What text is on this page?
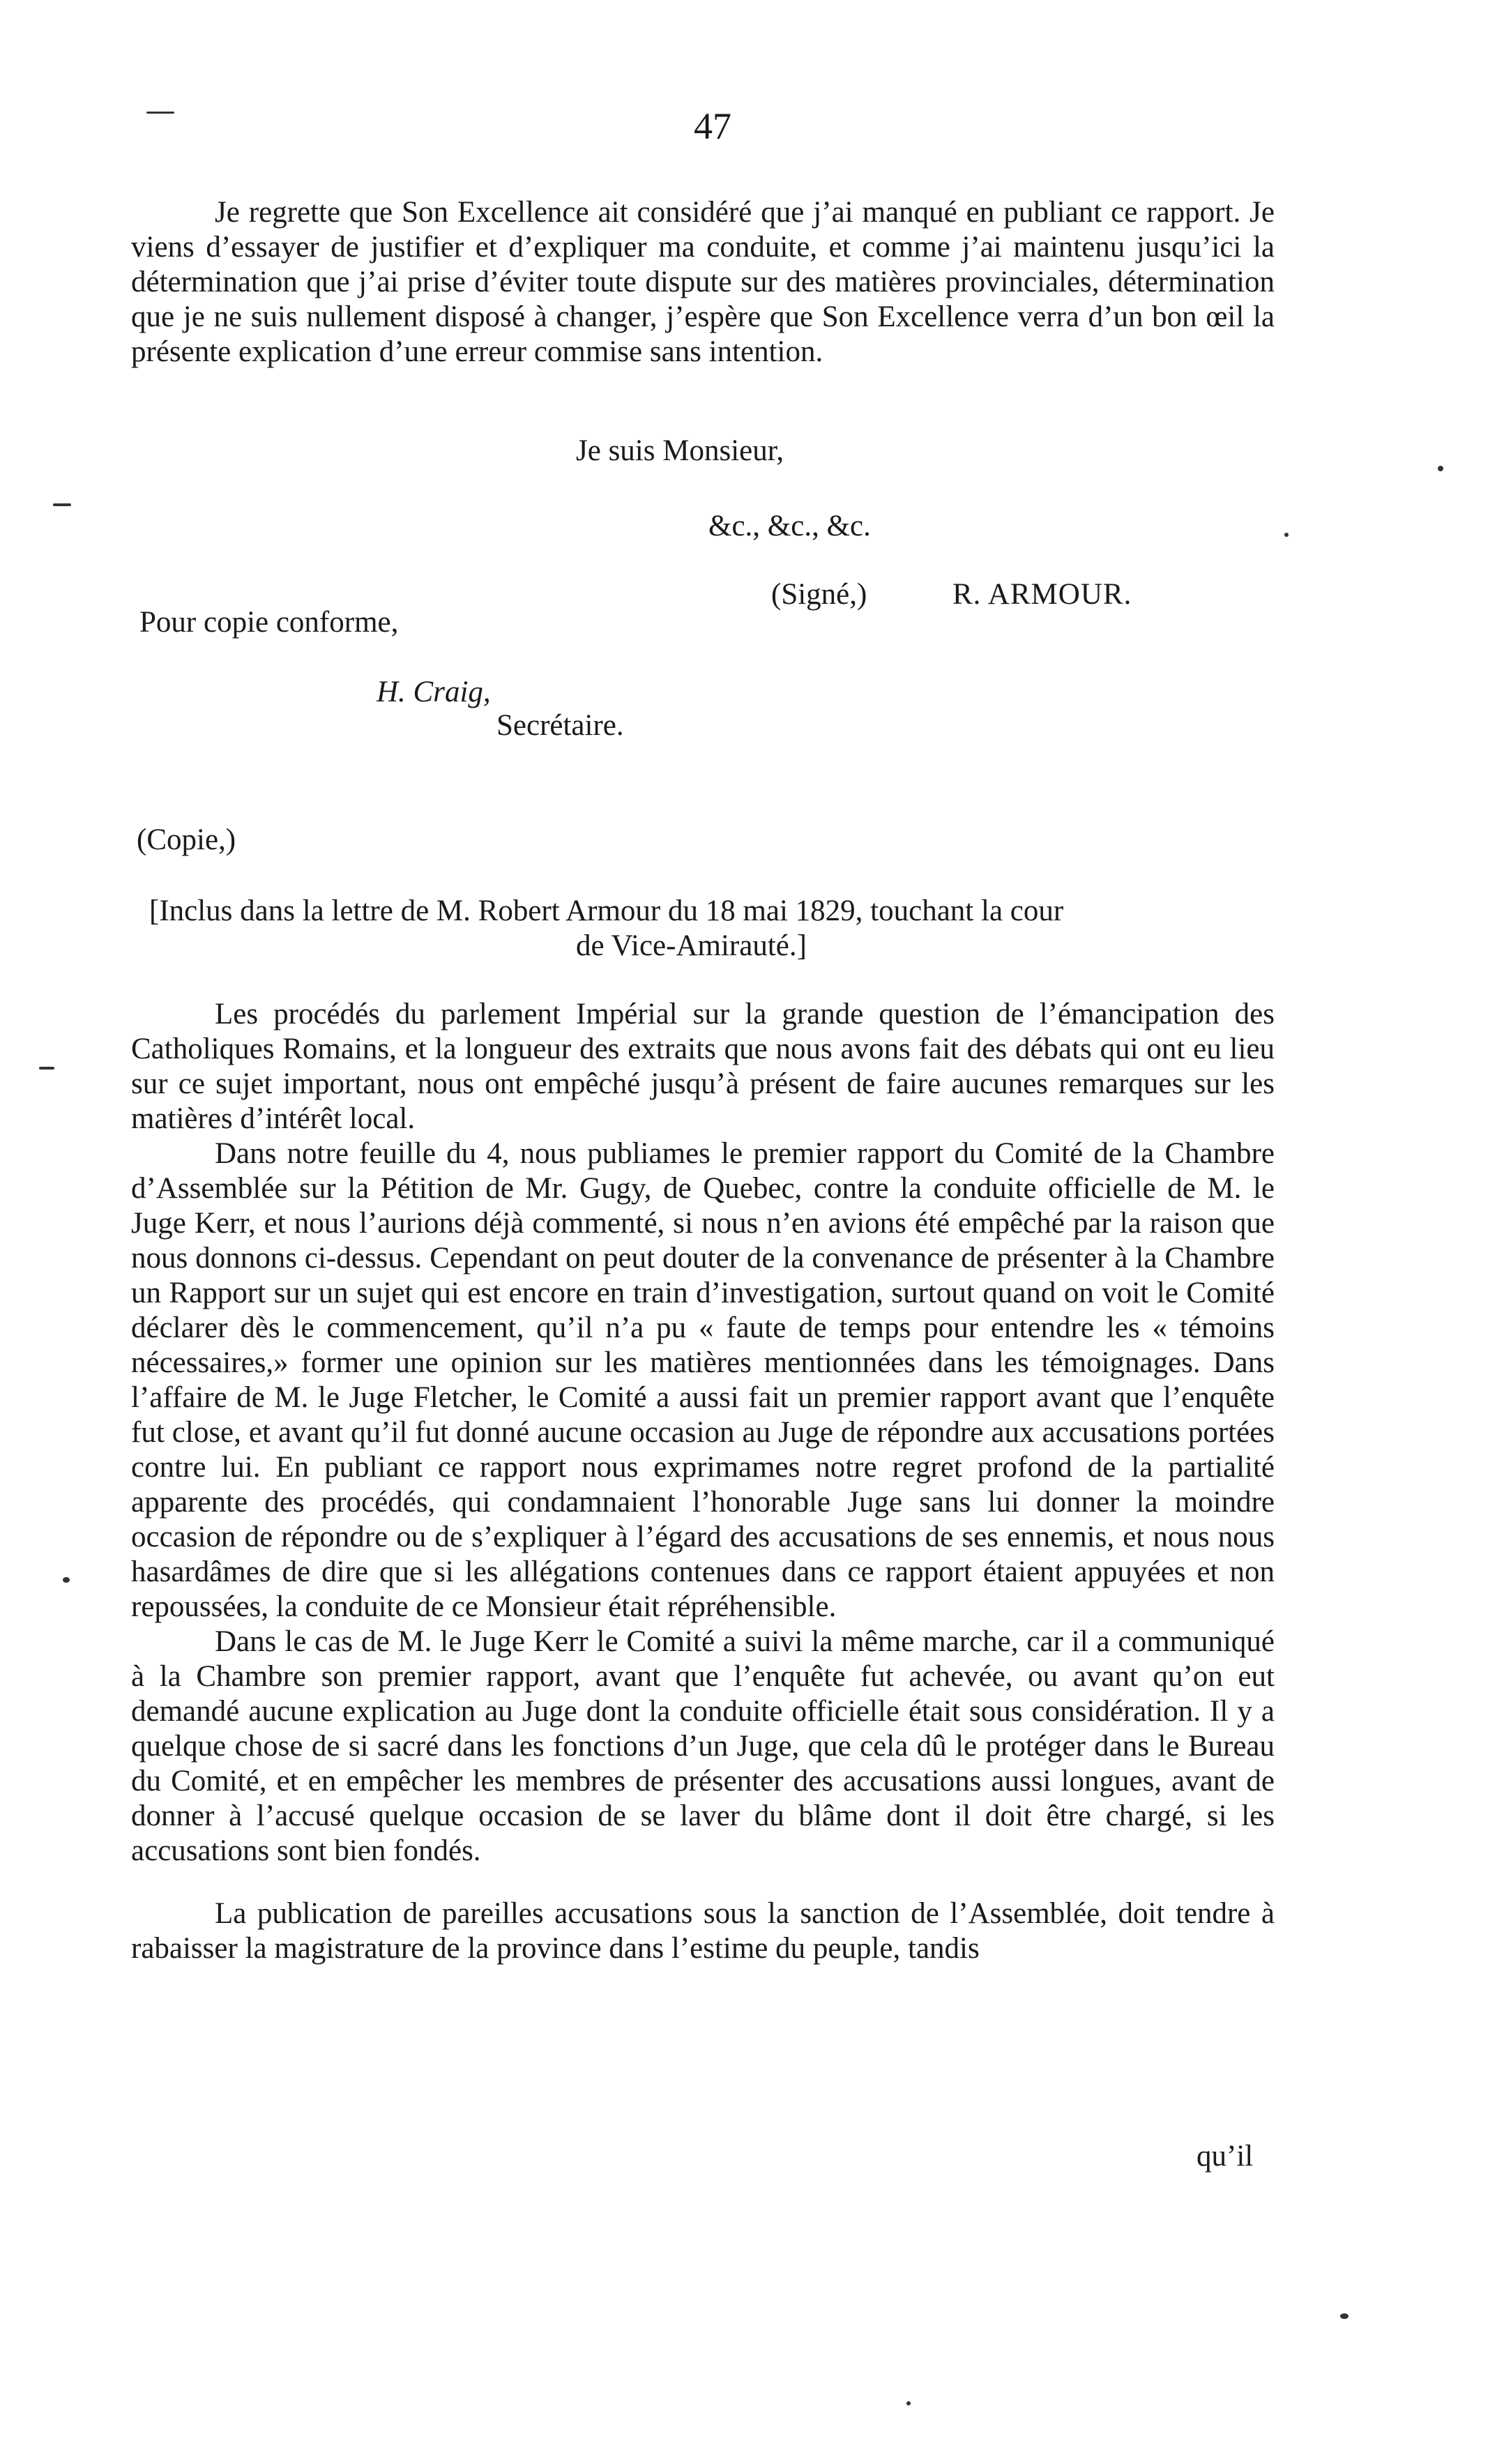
47

Je regrette que Son Excellence ait considéré que j’ai manqué en publiant ce rapport. Je viens d’essayer de justifier et d’expliquer ma conduite, et comme j’ai maintenu jusqu’ici la détermination que j’ai prise d’éviter toute dispute sur des matières provinciales, détermination que je ne suis nullement disposé à changer, j’espère que Son Excellence verra d’un bon œil la présente explication d’une erreur commise sans intention.

Je suis Monsieur,
&c., &c., &c.
(Signé,)	R. ARMOUR.
Pour copie conforme,
H. Craig,
Secrétaire.
(Copie,)
[Inclus dans la lettre de M. Robert Armour du 18 mai 1829, touchant la cour
de Vice-Amirauté.]

Les procédés du parlement Impérial sur la grande question de l’émancipation des Catholiques Romains, et la longueur des extraits que nous avons fait des débats qui ont eu lieu sur ce sujet important, nous ont empêché jusqu’à présent de faire aucunes remarques sur les matières d’intérêt local.

Dans notre feuille du 4, nous publiames le premier rapport du Comité de la Chambre d’Assemblée sur la Pétition de Mr. Gugy, de Quebec, contre la conduite officielle de M. le Juge Kerr, et nous l’aurions déjà commenté, si nous n’en avions été empêché par la raison que nous donnons ci-dessus. Cependant on peut douter de la convenance de présenter à la Chambre un Rapport sur un sujet qui est encore en train d’investigation, surtout quand on voit le Comité déclarer dès le commencement, qu’il n’a pu « faute de temps pour entendre les « témoins nécessaires,» former une opinion sur les matières mentionnées dans les témoignages. Dans l’affaire de M. le Juge Fletcher, le Comité a aussi fait un premier rapport avant que l’enquête fut close, et avant qu’il fut donné aucune occasion au Juge de répondre aux accusations portées contre lui. En publiant ce rapport nous exprimames notre regret profond de la partialité apparente des procédés, qui condamnaient l’honorable Juge sans lui donner la moindre occasion de répondre ou de s’expliquer à l’égard des accusations de ses ennemis, et nous nous hasardâmes de dire que si les allégations contenues dans ce rapport étaient appuyées et non repoussées, la conduite de ce Monsieur était répréhensible.

Dans le cas de M. le Juge Kerr le Comité a suivi la même marche, car il a communiqué à la Chambre son premier rapport, avant que l’enquête fut achevée, ou avant qu’on eut demandé aucune explication au Juge dont la conduite officielle était sous considération. Il y a quelque chose de si sacré dans les fonctions d’un Juge, que cela dû le protéger dans le Bureau du Comité, et en empêcher les membres de présenter des accusations aussi longues, avant de donner à l’accusé quelque occasion de se laver du blâme dont il doit être chargé, si les accusations sont bien fondés.

La publication de pareilles accusations sous la sanction de l’Assemblée, doit tendre à rabaisser la magistrature de la province dans l’estime du peuple, tandis

qu’il
